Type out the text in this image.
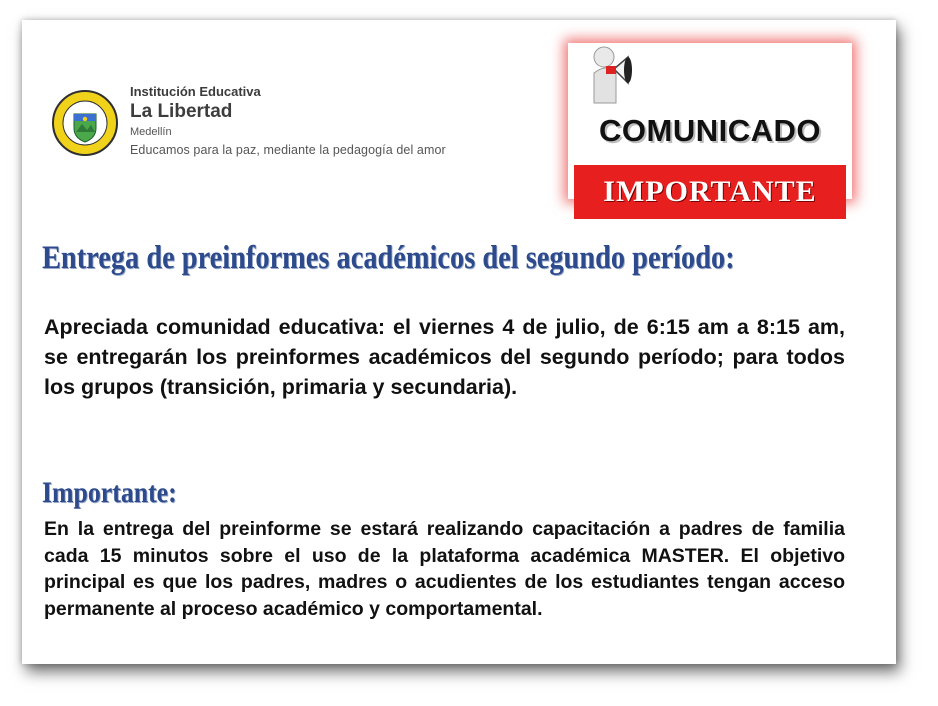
Institución Educativa
La Libertad
Medellín
Educamos para la paz, mediante la pedagogía del amor
COMUNICADO
IMPORTANTE
Entrega de preinformes académicos del segundo período:
Apreciada comunidad educativa: el viernes 4 de julio, de 6:15 am a 8:15 am, se entregarán los preinformes académicos del segundo período; para todos los grupos (transición, primaria y secundaria).
Importante:
En la entrega del preinforme se estará realizando capacitación a padres de familia cada 15 minutos sobre el uso de la plataforma académica MASTER. El objetivo principal es que los padres, madres o acudientes de los estudiantes tengan acceso permanente al proceso académico y comportamental.
